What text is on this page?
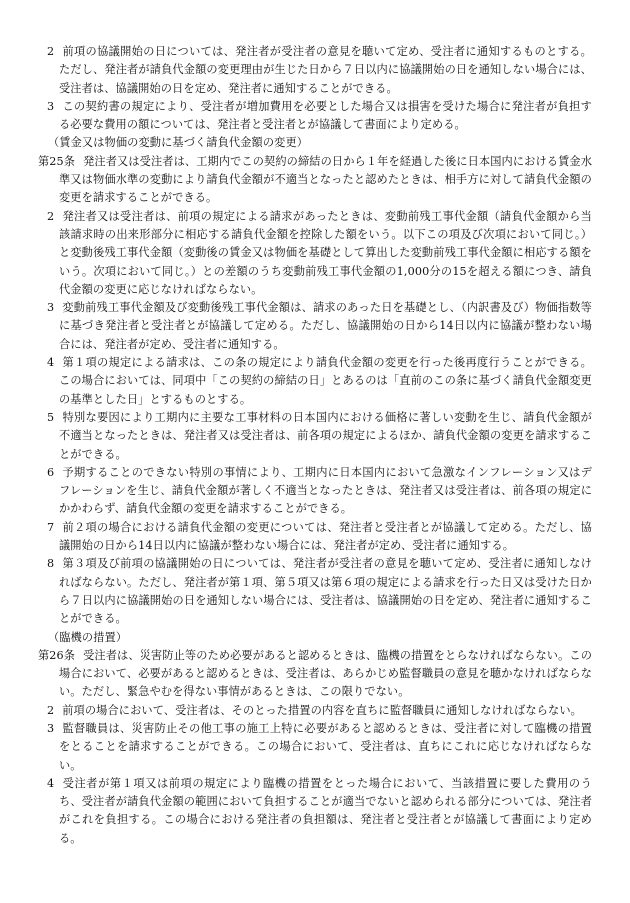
2 前項の協議開始の日については、発注者が受注者の意見を聴いて定め、受注者に通知するものとする。ただし、発注者が請負代金額の変更理由が生じた日から７日以内に協議開始の日を通知しない場合には、受注者は、協議開始の日を定め、発注者に通知することができる。

3 この契約書の規定により、受注者が増加費用を必要とした場合又は損害を受けた場合に発注者が負担する必要な費用の額については、発注者と受注者とが協議して書面により定める。

（賃金又は物価の変動に基づく請負代金額の変更）

第25条 発注者又は受注者は、工期内でこの契約の締結の日から１年を経過した後に日本国内における賃金水準又は物価水準の変動により請負代金額が不適当となったと認めたときは、相手方に対して請負代金額の変更を請求することができる。

2 発注者又は受注者は、前項の規定による請求があったときは、変動前残工事代金額（請負代金額から当該請求時の出来形部分に相応する請負代金額を控除した額をいう。以下この項及び次項において同じ。）と変動後残工事代金額（変動後の賃金又は物価を基礎として算出した変動前残工事代金額に相応する額をいう。次項において同じ。）との差額のうち変動前残工事代金額の1,000分の15を超える額につき、請負代金額の変更に応じなければならない。

3 変動前残工事代金額及び変動後残工事代金額は、請求のあった日を基礎とし、（内訳書及び）物価指数等に基づき発注者と受注者とが協議して定める。ただし、協議開始の日から14日以内に協議が整わない場合には、発注者が定め、受注者に通知する。

4 第１項の規定による請求は、この条の規定により請負代金額の変更を行った後再度行うことができる。この場合においては、同項中「この契約の締結の日」とあるのは「直前のこの条に基づく請負代金額変更の基準とした日」とするものとする。

5 特別な要因により工期内に主要な工事材料の日本国内における価格に著しい変動を生じ、請負代金額が不適当となったときは、発注者又は受注者は、前各項の規定によるほか、請負代金額の変更を請求することができる。

6 予期することのできない特別の事情により、工期内に日本国内において急激なインフレーション又はデフレーションを生じ、請負代金額が著しく不適当となったときは、発注者又は受注者は、前各項の規定にかかわらず、請負代金額の変更を請求することができる。

7 前２項の場合における請負代金額の変更については、発注者と受注者とが協議して定める。ただし、協議開始の日から14日以内に協議が整わない場合には、発注者が定め、受注者に通知する。

8 第３項及び前項の協議開始の日については、発注者が受注者の意見を聴いて定め、受注者に通知しなければならない。ただし、発注者が第１項、第５項又は第６項の規定による請求を行った日又は受けた日から７日以内に協議開始の日を通知しない場合には、受注者は、協議開始の日を定め、発注者に通知することができる。

（臨機の措置）

第26条 受注者は、災害防止等のため必要があると認めるときは、臨機の措置をとらなければならない。この場合において、必要があると認めるときは、受注者は、あらかじめ監督職員の意見を聴かなければならない。ただし、緊急やむを得ない事情があるときは、この限りでない。

2 前項の場合において、受注者は、そのとった措置の内容を直ちに監督職員に通知しなければならない。

3 監督職員は、災害防止その他工事の施工上特に必要があると認めるときは、受注者に対して臨機の措置をとることを請求することができる。この場合において、受注者は、直ちにこれに応じなければならない。

4 受注者が第１項又は前項の規定により臨機の措置をとった場合において、当該措置に要した費用のうち、受注者が請負代金額の範囲において負担することが適当でないと認められる部分については、発注者がこれを負担する。この場合における発注者の負担額は、発注者と受注者とが協議して書面により定める。
